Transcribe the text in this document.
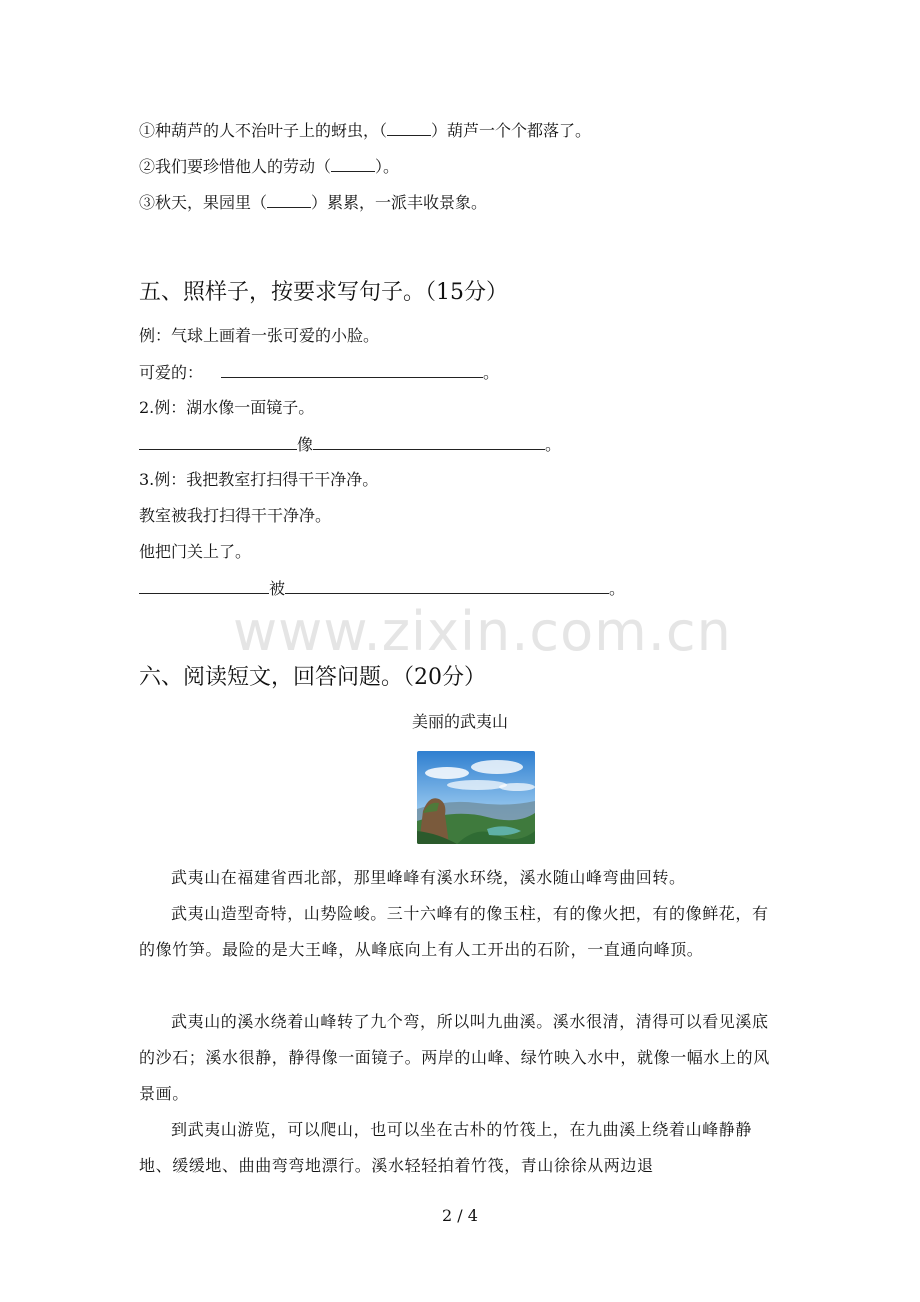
①种葫芦的人不治叶子上的蚜虫，（	）葫芦一个个都落了。
②我们要珍惜他人的劳动（	）。
③秋天，果园里（	）累累，一派丰收景象。
五、照样子，按要求写句子。（15分）
例：气球上画着一张可爱的小脸。
可爱的：	。
2.例：湖水像一面镜子。
像	。
3.例：我把教室打扫得干干净净。
教室被我打扫得干干净净。
他把门关上了。
被	。
www.zixin.com.cn
六、阅读短文，回答问题。（20分）
美丽的武夷山
武夷山在福建省西北部，那里峰峰有溪水环绕，溪水随山峰弯曲回转。
武夷山造型奇特，山势险峻。三十六峰有的像玉柱，有的像火把，有的像鲜花，有的像竹笋。最险的是大王峰，从峰底向上有人工开出的石阶，一直通向峰顶。
武夷山的溪水绕着山峰转了九个弯，所以叫九曲溪。溪水很清，清得可以看见溪底的沙石；溪水很静，静得像一面镜子。两岸的山峰、绿竹映入水中，就像一幅水上的风景画。
到武夷山游览，可以爬山，也可以坐在古朴的竹筏上，在九曲溪上绕着山峰静静地、缓缓地、曲曲弯弯地漂行。溪水轻轻拍着竹筏，青山徐徐从两边退
2 / 4
